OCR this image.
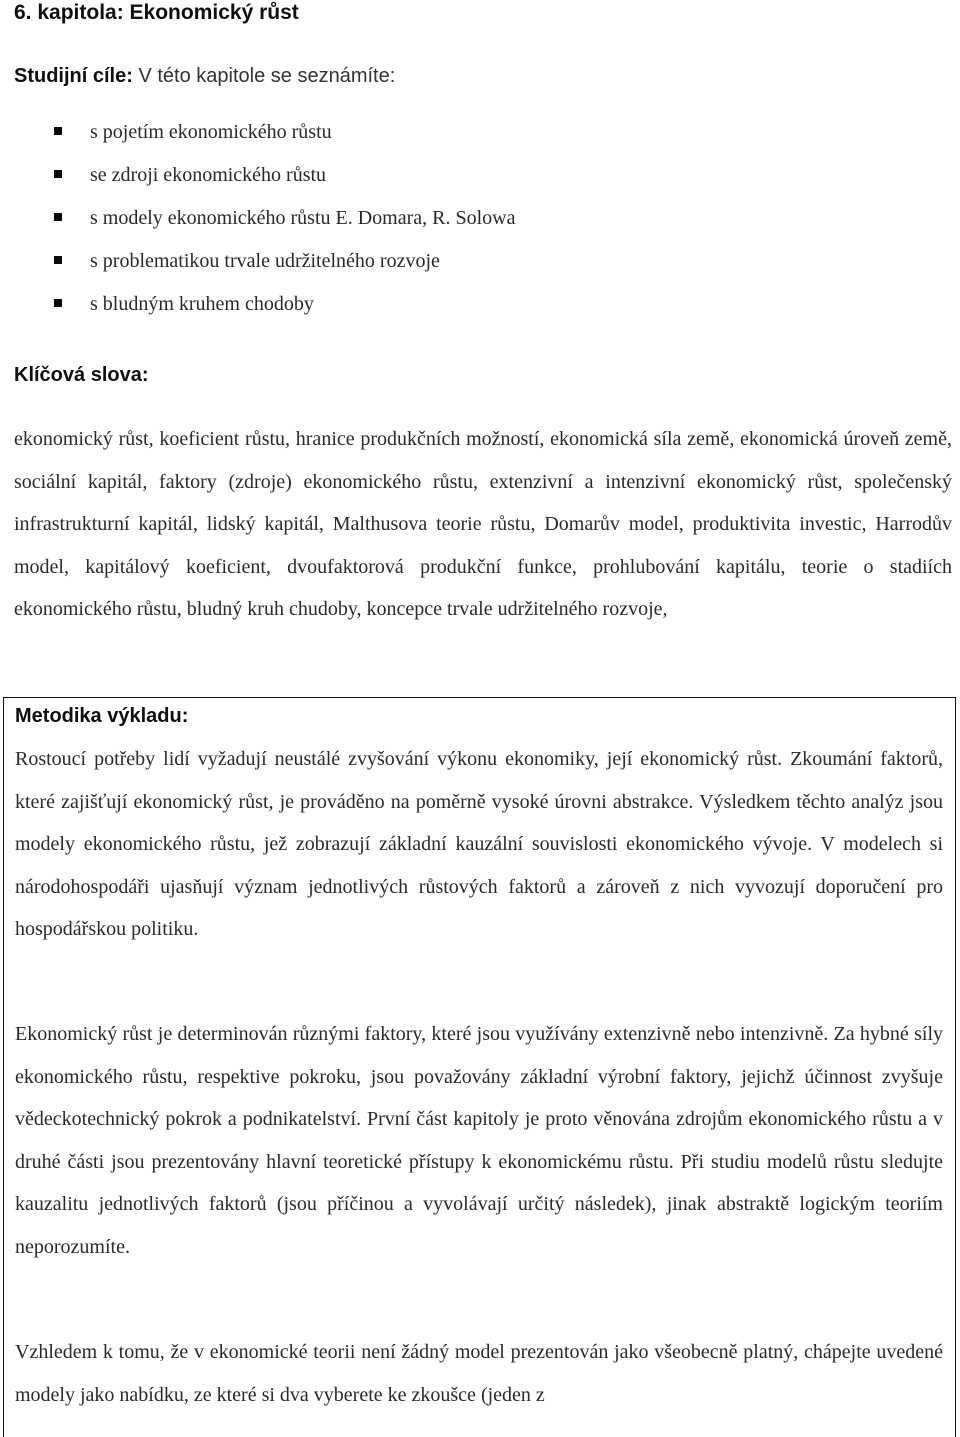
6. kapitola: Ekonomický růst

Studijní cíle: V této kapitole se seznámíte:

s pojetím ekonomického růstu
se zdroji ekonomického růstu
s modely ekonomického růstu E. Domara, R. Solowa
s problematikou trvale udržitelného rozvoje
s bludným kruhem chodoby
Klíčová slova:

ekonomický růst, koeficient růstu, hranice produkčních možností, ekonomická síla země, ekonomická úroveň země, sociální kapitál, faktory (zdroje) ekonomického růstu, extenzivní a intenzivní ekonomický růst, společenský infrastrukturní kapitál, lidský kapitál, Malthusova teorie růstu, Domarův model, produktivita investic, Harrodův model, kapitálový koeficient, dvoufaktorová produkční funkce, prohlubování kapitálu, teorie o stadiích ekonomického růstu, bludný kruh chudoby, koncepce trvale udržitelného rozvoje,

Metodika výkladu:

Rostoucí potřeby lidí vyžadují neustálé zvyšování výkonu ekonomiky, její ekonomický růst. Zkoumání faktorů, které zajišťují ekonomický růst, je prováděno na poměrně vysoké úrovni abstrakce. Výsledkem těchto analýz jsou modely ekonomického růstu, jež zobrazují základní kauzální souvislosti ekonomického vývoje. V modelech si národohospodáři ujasňují význam jednotlivých růstových faktorů a zároveň z nich vyvozují doporučení pro hospodářskou politiku.

Ekonomický růst je determinován různými faktory, které jsou využívány extenzivně nebo intenzivně. Za hybné síly ekonomického růstu, respektive pokroku, jsou považovány základní výrobní faktory, jejichž účinnost zvyšuje vědeckotechnický pokrok a podnikatelství. První část kapitoly je proto věnována zdrojům ekonomického růstu a v druhé části jsou prezentovány hlavní teoretické přístupy k ekonomickému růstu. Při studiu modelů růstu sledujte kauzalitu jednotlivých faktorů (jsou příčinou a vyvolávají určitý následek), jinak abstraktě logickým teoriím neporozumíte.

Vzhledem k tomu, že v ekonomické teorii není žádný model prezentován jako všeobecně platný, chápejte uvedené modely jako nabídku, ze které si dva vyberete ke zkoušce (jeden z
